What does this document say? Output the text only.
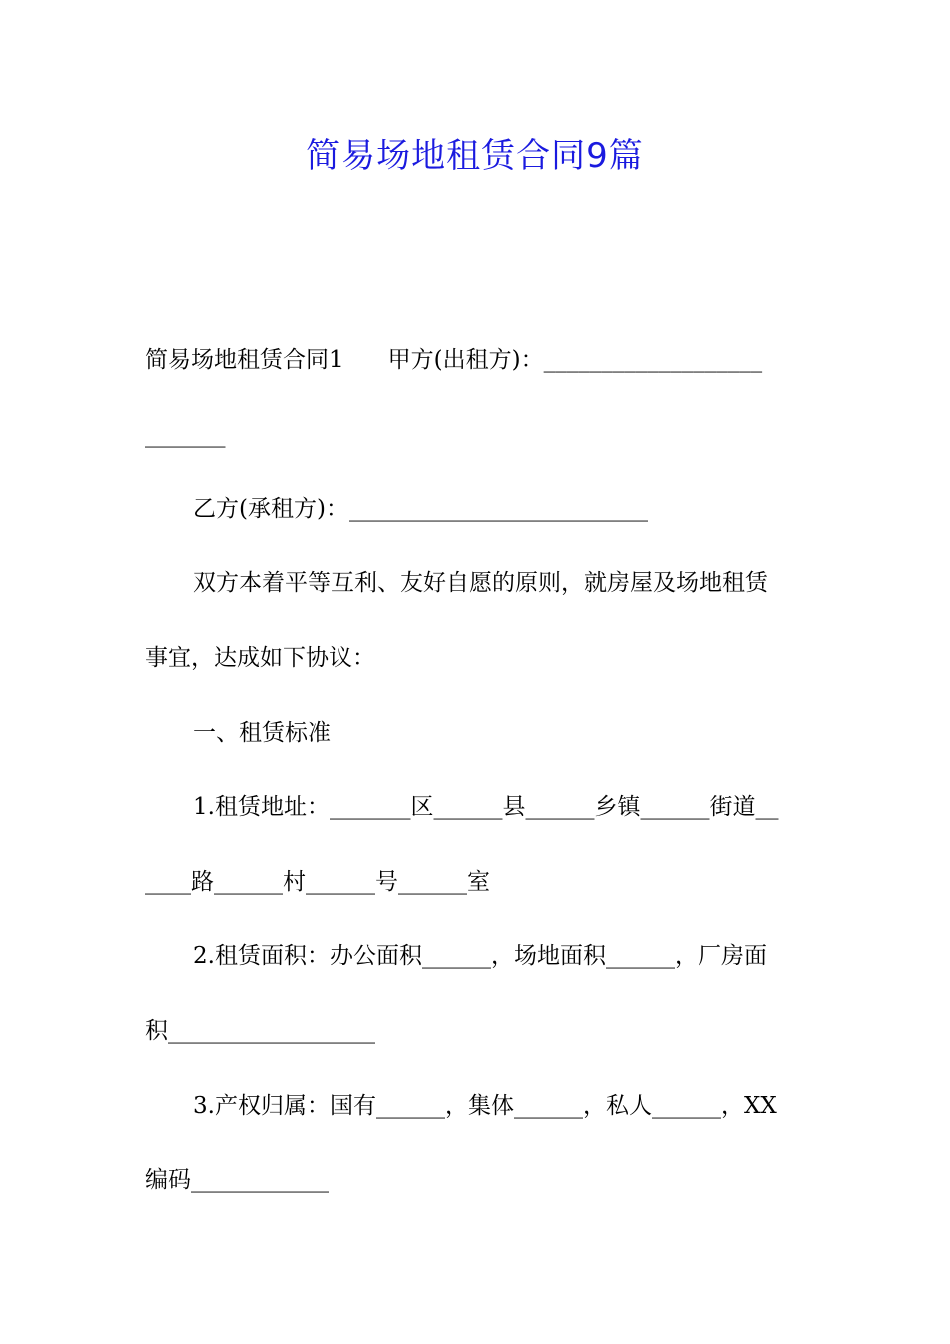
简易场地租赁合同9篇
简易场地租赁合同1 甲方(出租方)：___________________
_______
乙方(承租方)：__________________________
双方本着平等互利、友好自愿的原则，就房屋及场地租赁
事宜，达成如下协议：
一、租赁标准
1.租赁地址：_______区______县______乡镇______街道__
____路______村______号______室
2.租赁面积：办公面积______，场地面积______，厂房面
积__________________
3.产权归属：国有______，集体______，私人______，XX
编码____________
